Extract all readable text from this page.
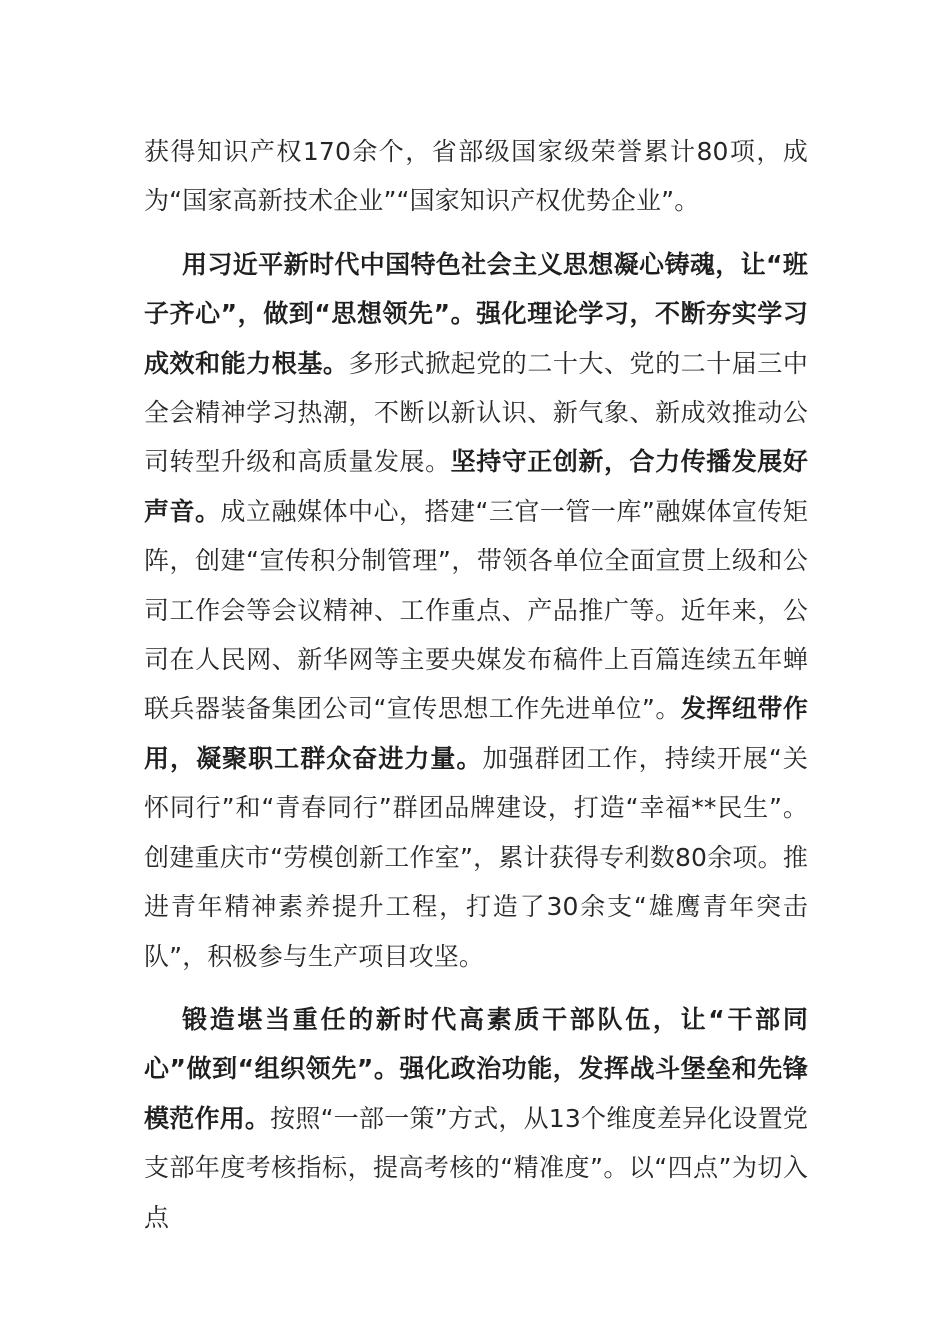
获得知识产权170余个，省部级国家级荣誉累计80项，成为“国家高新技术企业”“国家知识产权优势企业”。

用习近平新时代中国特色社会主义思想凝心铸魂，让“班子齐心”，做到“思想领先”。强化理论学习，不断夯实学习成效和能力根基。多形式掀起党的二十大、党的二十届三中全会精神学习热潮，不断以新认识、新气象、新成效推动公司转型升级和高质量发展。坚持守正创新，合力传播发展好声音。成立融媒体中心，搭建“三官一管一库”融媒体宣传矩阵，创建“宣传积分制管理”，带领各单位全面宣贯上级和公司工作会等会议精神、工作重点、产品推广等。近年来，公司在人民网、新华网等主要央媒发布稿件上百篇连续五年蝉联兵器装备集团公司“宣传思想工作先进单位”。发挥纽带作用，凝聚职工群众奋进力量。加强群团工作，持续开展“关怀同行”和“青春同行”群团品牌建设，打造“幸福**民生”。创建重庆市“劳模创新工作室”，累计获得专利数80余项。推进青年精神素养提升工程，打造了30余支“雄鹰青年突击队”，积极参与生产项目攻坚。

锻造堪当重任的新时代高素质干部队伍，让“干部同心”做到“组织领先”。强化政治功能，发挥战斗堡垒和先锋模范作用。按照“一部一策”方式，从13个维度差异化设置党支部年度考核指标，提高考核的“精准度”。以“四点”为切入点
